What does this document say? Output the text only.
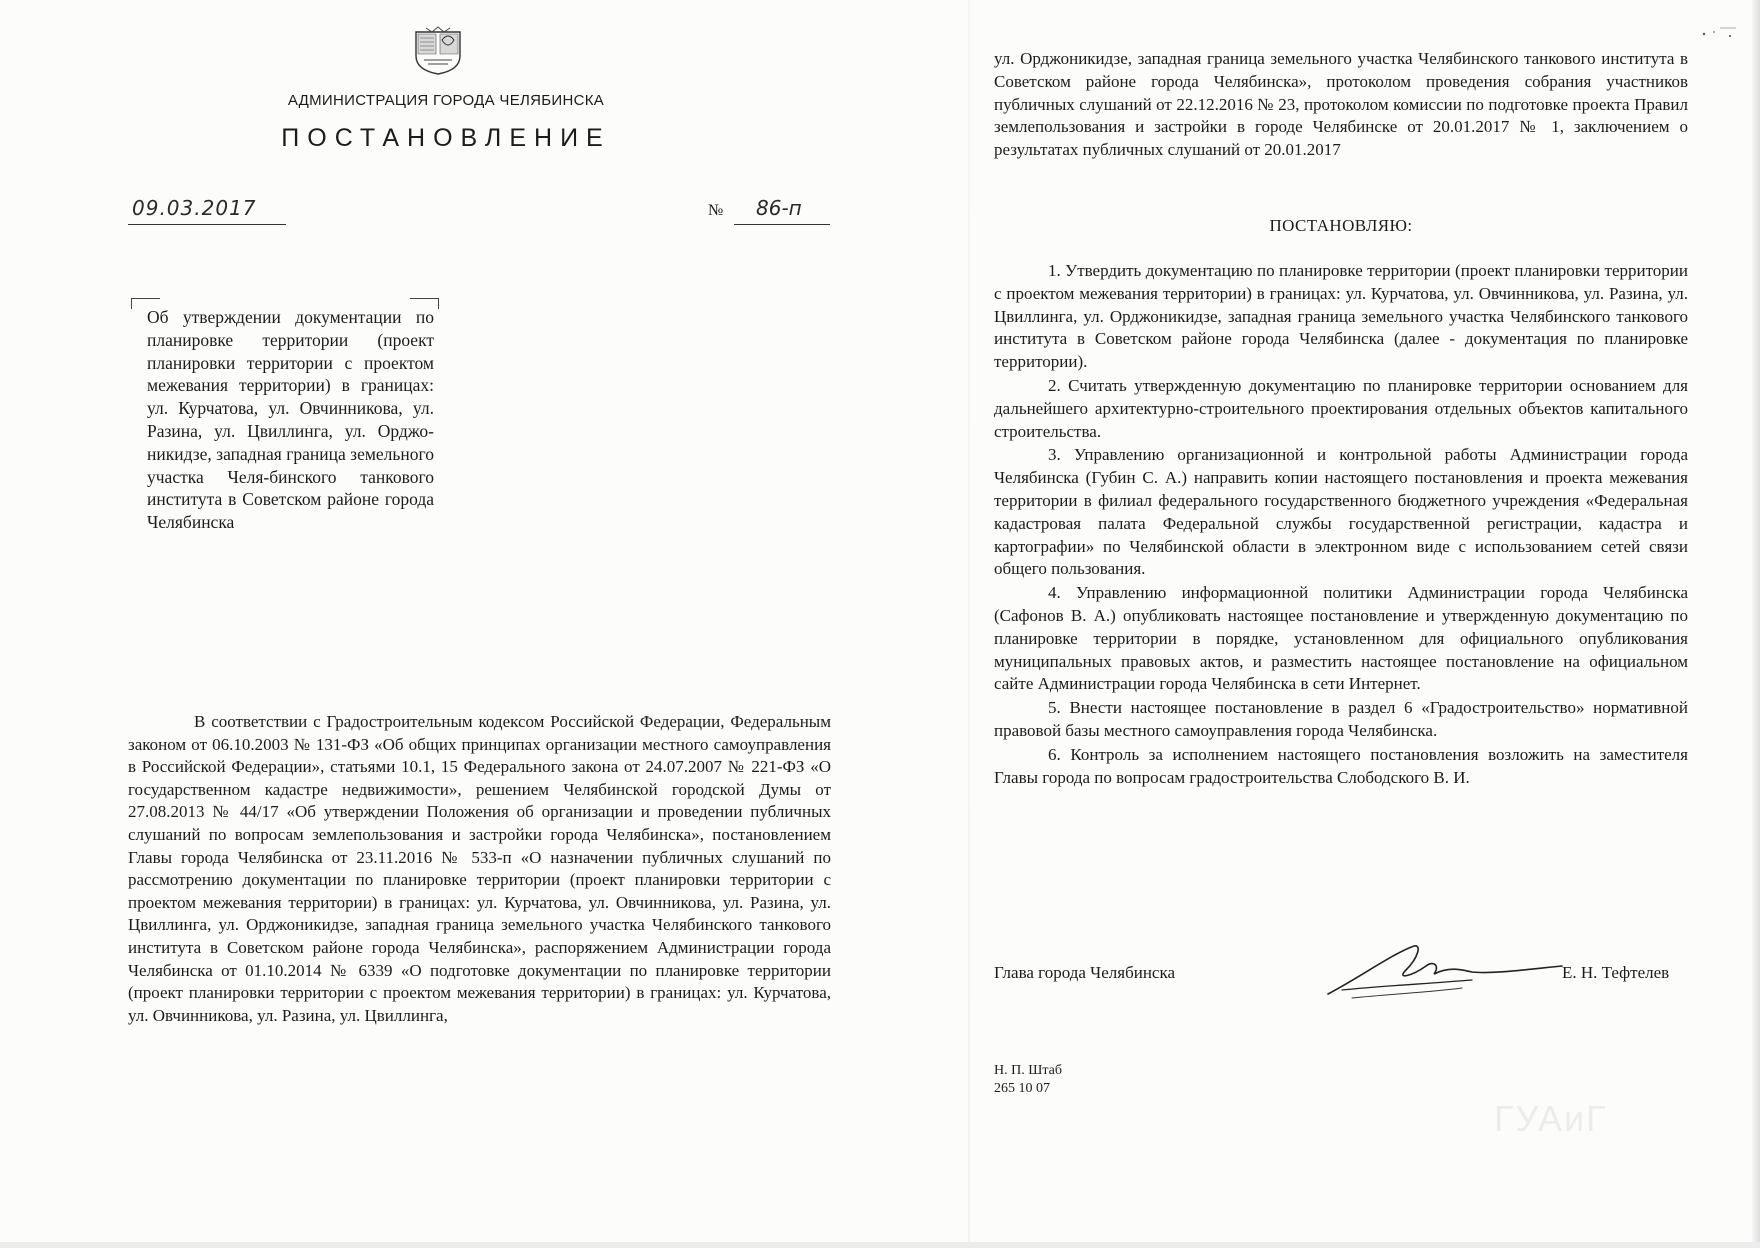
АДМИНИСТРАЦИЯ ГОРОДА ЧЕЛЯБИНСКА
ПОСТАНОВЛЕНИЕ
09.03.2017	№ 86-п
Об утверждении документации по планировке территории (проект планировки территории с проектом межевания территории) в границах: ул. Курчатова, ул. Овчинникова, ул. Разина, ул. Цвиллинга, ул. Орджо-никидзе, западная граница земельного участка Челя-бинского танкового института в Советском районе города Челябинска
В соответствии с Градостроительным кодексом Российской Федерации, Федеральным законом от 06.10.2003 № 131-ФЗ «Об общих принципах организации местного самоуправления в Российской Федерации», статьями 10.1, 15 Федерального закона от 24.07.2007 № 221-ФЗ «О государственном кадастре недвижимости», решением Челябинской городской Думы от 27.08.2013 № 44/17 «Об утверждении Положения об организации и проведении публичных слушаний по вопросам землепользования и застройки города Челябинска», постановлением Главы города Челябинска от 23.11.2016 № 533-п «О назначении публичных слушаний по рассмотрению документации по планировке территории (проект планировки территории с проектом межевания территории) в границах: ул. Курчатова, ул. Овчинникова, ул. Разина, ул. Цвиллинга, ул. Орджоникидзе, западная граница земельного участка Челябинского танкового института в Советском районе города Челябинска», распоряжением Администрации города Челябинска от 01.10.2014 № 6339 «О подготовке документации по планировке территории (проект планировки территории с проектом межевания территории) в границах: ул. Курчатова, ул. Овчинникова, ул. Разина, ул. Цвиллинга,
ул. Орджоникидзе, западная граница земельного участка Челябинского танкового института в Советском районе города Челябинска», протоколом проведения собрания участников публичных слушаний от 22.12.2016 № 23, протоколом комиссии по подготовке проекта Правил землепользования и застройки в городе Челябинске от 20.01.2017 № 1, заключением о результатах публичных слушаний от 20.01.2017
ПОСТАНОВЛЯЮ:

1. Утвердить документацию по планировке территории (проект планировки территории с проектом межевания территории) в границах: ул. Курчатова, ул. Овчинникова, ул. Разина, ул. Цвиллинга, ул. Орджоникидзе, западная граница земельного участка Челябинского танкового института в Советском районе города Челябинска (далее - документация по планировке территории).

2. Считать утвержденную документацию по планировке территории основанием для дальнейшего архитектурно-строительного проектирования отдельных объектов капитального строительства.

3. Управлению организационной и контрольной работы Администрации города Челябинска (Губин С. А.) направить копии настоящего постановления и проекта межевания территории в филиал федерального государственного бюджетного учреждения «Федеральная кадастровая палата Федеральной службы государственной регистрации, кадастра и картографии» по Челябинской области в электронном виде с использованием сетей связи общего пользования.

4. Управлению информационной политики Администрации города Челябинска (Сафонов В. А.) опубликовать настоящее постановление и утвержденную документацию по планировке территории в порядке, установленном для официального опубликования муниципальных правовых актов, и разместить настоящее постановление на официальном сайте Администрации города Челябинска в сети Интернет.

5. Внести настоящее постановление в раздел 6 «Градостроительство» нормативной правовой базы местного самоуправления города Челябинска.

6. Контроль за исполнением настоящего постановления возложить на заместителя Главы города по вопросам градостроительства Слободского В. И.

Глава города Челябинска	Е. Н. Тефтелев
Н. П. Штаб
265 10 07
ГУАиГ
